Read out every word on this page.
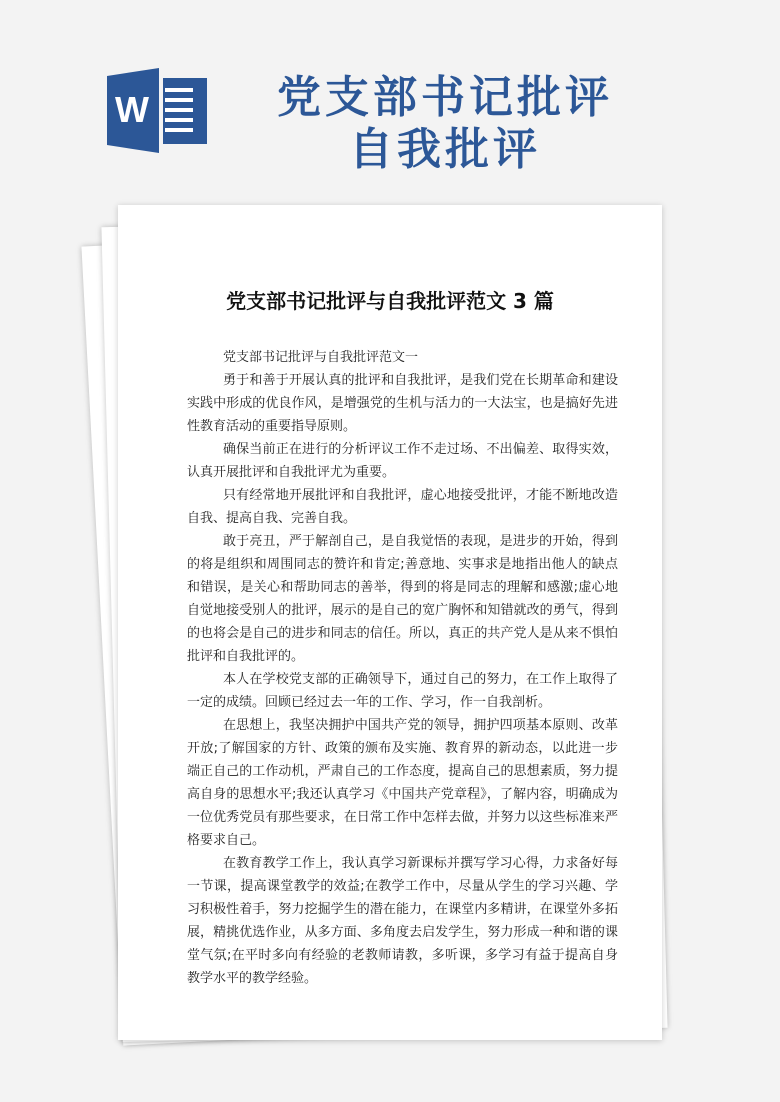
W	党支部书记批评
自我批评
党支部书记批评与自我批评范文 3 篇

党支部书记批评与自我批评范文一

勇于和善于开展认真的批评和自我批评，是我们党在长期革命和建设实践中形成的优良作风，是增强党的生机与活力的一大法宝，也是搞好先进性教育活动的重要指导原则。

确保当前正在进行的分析评议工作不走过场、不出偏差、取得实效，认真开展批评和自我批评尤为重要。

只有经常地开展批评和自我批评，虚心地接受批评，才能不断地改造自我、提高自我、完善自我。

敢于亮丑，严于解剖自己，是自我觉悟的表现，是进步的开始，得到的将是组织和周围同志的赞许和肯定;善意地、实事求是地指出他人的缺点和错误，是关心和帮助同志的善举，得到的将是同志的理解和感激;虚心地自觉地接受别人的批评，展示的是自己的宽广胸怀和知错就改的勇气，得到的也将会是自己的进步和同志的信任。所以，真正的共产党人是从来不惧怕批评和自我批评的。

本人在学校党支部的正确领导下，通过自己的努力，在工作上取得了一定的成绩。回顾已经过去一年的工作、学习，作一自我剖析。

在思想上，我坚决拥护中国共产党的领导，拥护四项基本原则、改革开放;了解国家的方针、政策的颁布及实施、教育界的新动态，以此进一步端正自己的工作动机，严肃自己的工作态度，提高自己的思想素质，努力提高自身的思想水平;我还认真学习《中国共产党章程》，了解内容，明确成为一位优秀党员有那些要求，在日常工作中怎样去做，并努力以这些标准来严格要求自己。

在教育教学工作上，我认真学习新课标并撰写学习心得，力求备好每一节课，提高课堂教学的效益;在教学工作中，尽量从学生的学习兴趣、学习积极性着手，努力挖掘学生的潜在能力，在课堂内多精讲，在课堂外多拓展，精挑优选作业，从多方面、多角度去启发学生，努力形成一种和谐的课堂气氛;在平时多向有经验的老教师请教，多听课，多学习有益于提高自身教学水平的教学经验。
